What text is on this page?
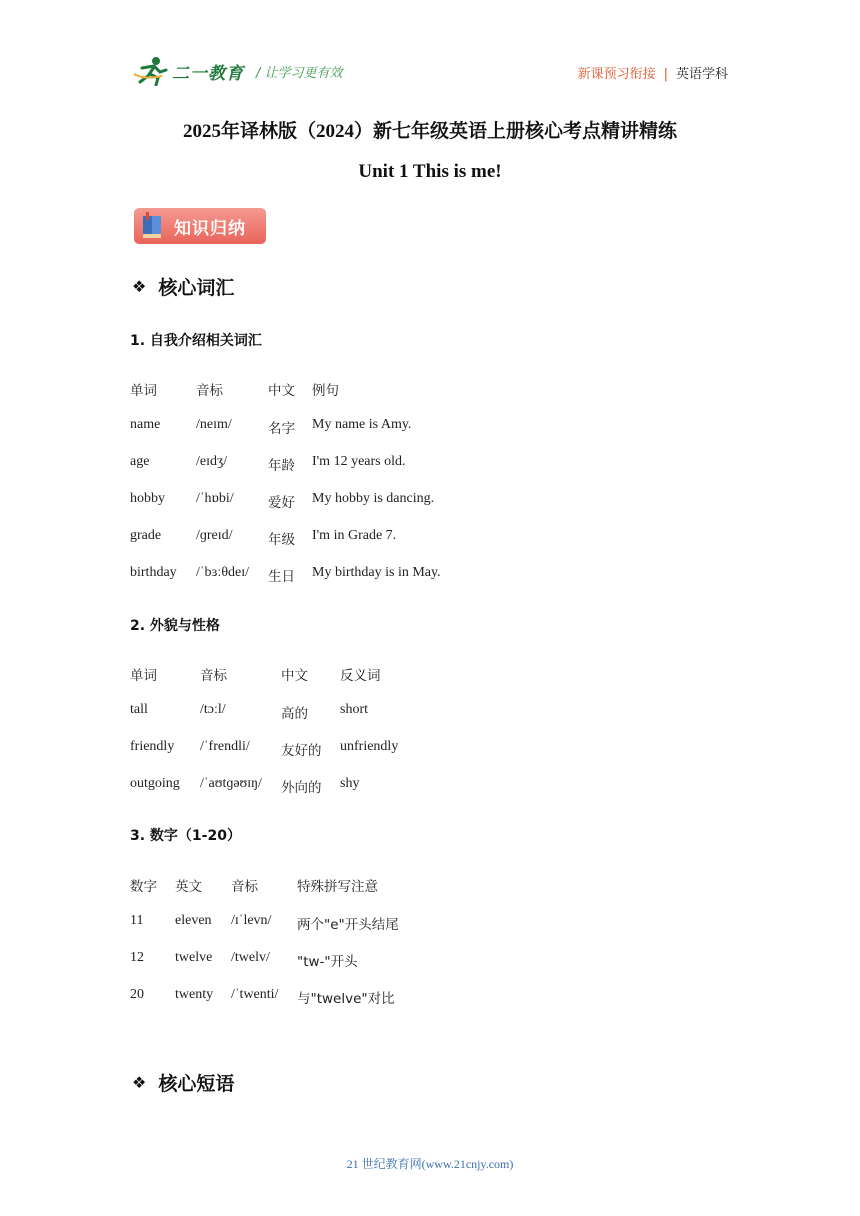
二一教育 / 让学习更有效	新课预习衔接 | 英语学科
2025年译林版（2024）新七年级英语上册核心考点精讲精练
Unit 1 This is me!
知识归纳
❖ 核心词汇
1. 自我介绍相关词汇
单词	音标	中文 例句
name	/neɪm/	名字 My name is Amy.
age	/eɪdʒ/	年龄 I'm 12 years old.
hobby /ˈhɒbi/	爱好 My hobby is dancing.
grade /ɡreɪd/	年级 I'm in Grade 7.
birthday /ˈbɜːθdeɪ/ 生日 My birthday is in May.
2. 外貌与性格
单词	音标	中文 反义词
tall	/tɔːl/	高的 short
friendly /ˈfrendli/ 友好的 unfriendly
outgoing /ˈaʊtɡəʊɪŋ/ 外向的 shy
3. 数字（1-20）
数字 英文 音标	特殊拼写注意
11 eleven /ɪˈlevn/ 两个"e"开头结尾
12 twelve /twelv/ "tw-"开头
20 twenty /ˈtwenti/ 与"twelve"对比
❖ 核心短语
21 世纪教育网(www.21cnjy.com)
